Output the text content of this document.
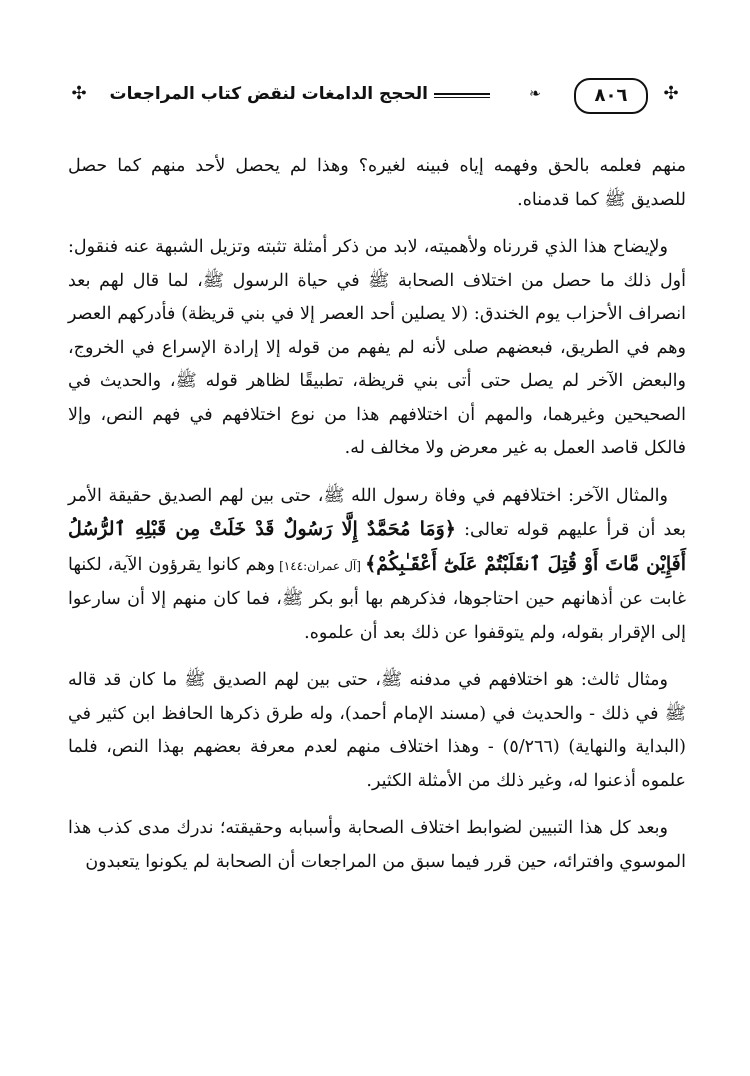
✣	الحجج الدامغات لنقض كتاب المراجعات	❧	٨٠٦	✣

منهم فعلمه بالحق وفهمه إياه فبينه لغيره؟ وهذا لم يحصل لأحد منهم كما حصل للصديق ﷺ كما قدمناه.

ولإيضاح هذا الذي قررناه ولأهميته، لابد من ذكر أمثلة تثبته وتزيل الشبهة عنه فنقول: أول ذلك ما حصل من اختلاف الصحابة ﷺ في حياة الرسول ﷺ، لما قال لهم بعد انصراف الأحزاب يوم الخندق: (لا يصلين أحد العصر إلا في بني قريظة) فأدركهم العصر وهم في الطريق، فبعضهم صلى لأنه لم يفهم من قوله إلا إرادة الإسراع في الخروج، والبعض الآخر لم يصل حتى أتى بني قريظة، تطبيقًا لظاهر قوله ﷺ، والحديث في الصحيحين وغيرهما، والمهم أن اختلافهم هذا من نوع اختلافهم في فهم النص، وإلا فالكل قاصد العمل به غير معرض ولا مخالف له.

والمثال الآخر: اختلافهم في وفاة رسول الله ﷺ، حتى بين لهم الصديق حقيقة الأمر بعد أن قرأ عليهم قوله تعالى: ﴿وَمَا مُحَمَّدٌ إِلَّا رَسُولٌ قَدْ خَلَتْ مِن قَبْلِهِ ٱلرُّسُلُ أَفَإِيْن مَّاتَ أَوْ قُتِلَ ٱنقَلَبْتُمْ عَلَىٰٓ أَعْقَـٰبِكُمْ﴾ [آل عمران:١٤٤] وهم كانوا يقرؤون الآية، لكنها غابت عن أذهانهم حين احتاجوها، فذكرهم بها أبو بكر ﷺ، فما كان منهم إلا أن سارعوا إلى الإقرار بقوله، ولم يتوقفوا عن ذلك بعد أن علموه.

ومثال ثالث: هو اختلافهم في مدفنه ﷺ، حتى بين لهم الصديق ﷺ ما كان قد قاله ﷺ في ذلك - والحديث في (مسند الإمام أحمد)، وله طرق ذكرها الحافظ ابن كثير في (البداية والنهاية) (٥/٢٦٦) - وهذا اختلاف منهم لعدم معرفة بعضهم بهذا النص، فلما علموه أذعنوا له، وغير ذلك من الأمثلة الكثير.

وبعد كل هذا التبيين لضوابط اختلاف الصحابة وأسبابه وحقيقته؛ ندرك مدى كذب هذا الموسوي وافترائه، حين قرر فيما سبق من المراجعات أن الصحابة لم يكونوا يتعبدون
